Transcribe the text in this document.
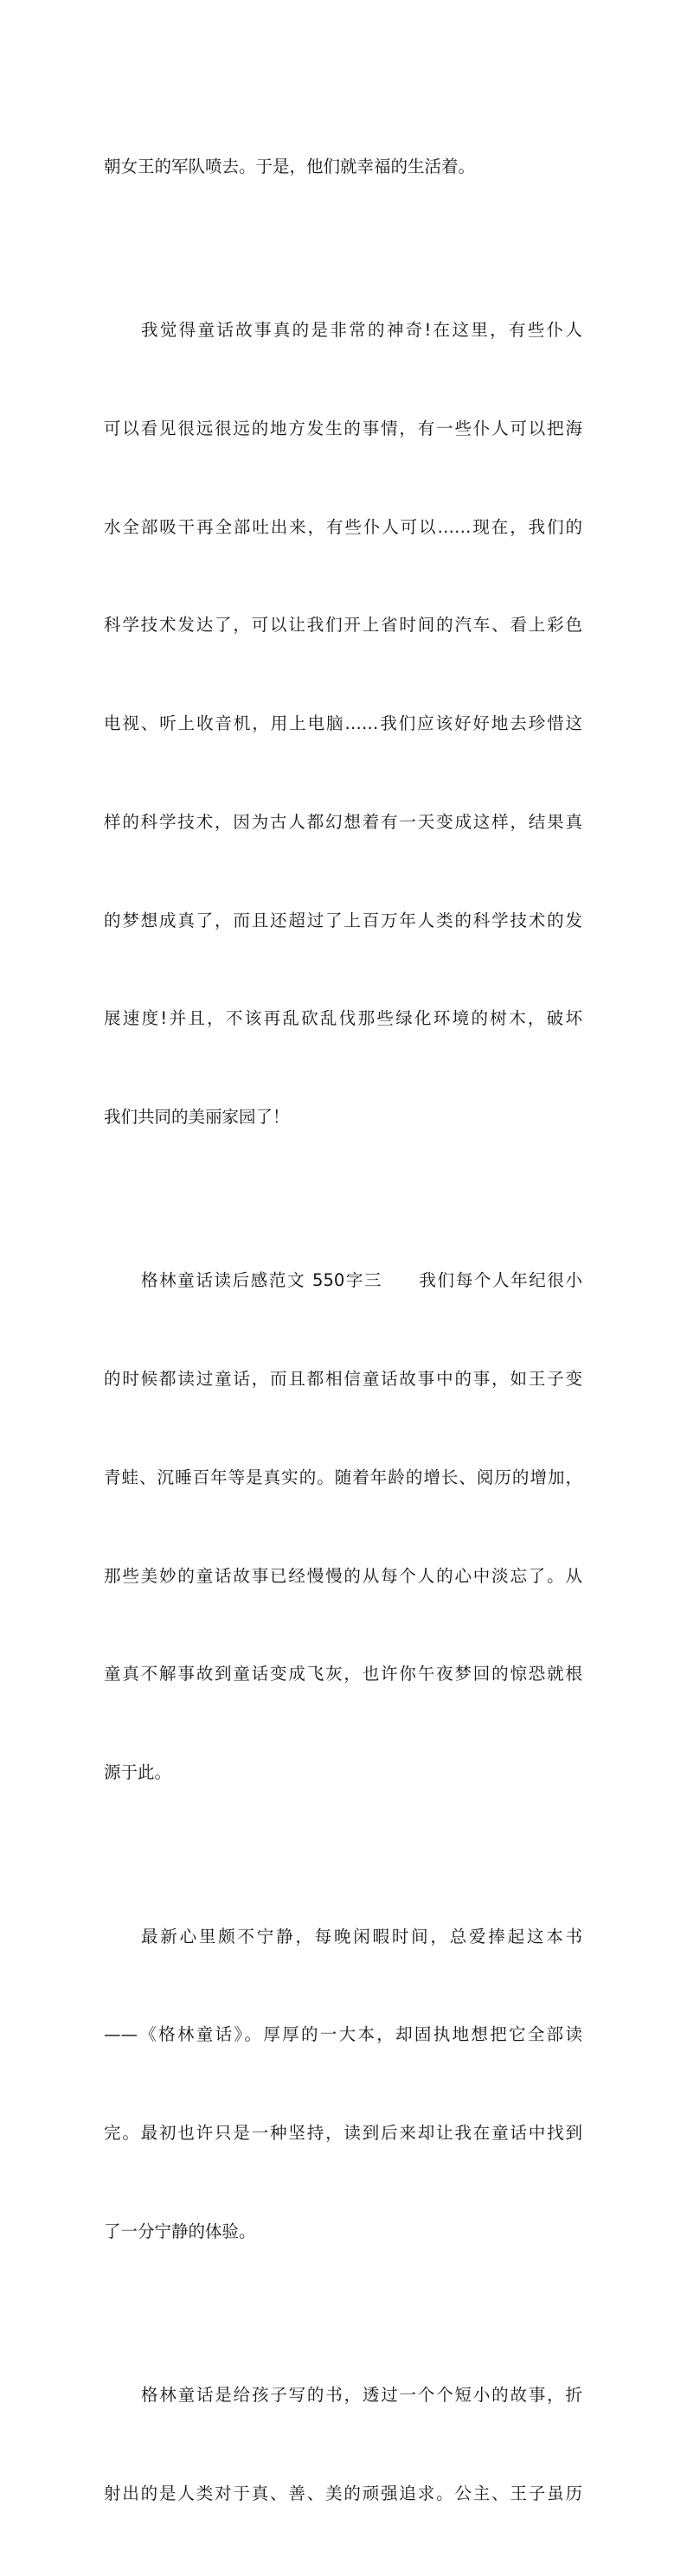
朝女王的军队喷去。于是，他们就幸福的生活着。

我觉得童话故事真的是非常的神奇!在这里，有些仆人

可以看见很远很远的地方发生的事情，有一些仆人可以把海

水全部吸干再全部吐出来，有些仆人可以……现在，我们的

科学技术发达了，可以让我们开上省时间的汽车、看上彩色

电视、听上收音机，用上电脑……我们应该好好地去珍惜这

样的科学技术，因为古人都幻想着有一天变成这样，结果真

的梦想成真了，而且还超过了上百万年人类的科学技术的发

展速度!并且，不该再乱砍乱伐那些绿化环境的树木，破坏

我们共同的美丽家园了！

格林童话读后感范文 550字三　　我们每个人年纪很小

的时候都读过童话，而且都相信童话故事中的事，如王子变

青蛙、沉睡百年等是真实的。随着年龄的增长、阅历的增加，

那些美妙的童话故事已经慢慢的从每个人的心中淡忘了。从

童真不解事故到童话变成飞灰，也许你午夜梦回的惊恐就根

源于此。

最新心里颇不宁静，每晚闲暇时间，总爱捧起这本书

——《格林童话》。厚厚的一大本，却固执地想把它全部读

完。最初也许只是一种坚持，读到后来却让我在童话中找到

了一分宁静的体验。

格林童话是给孩子写的书，透过一个个短小的故事，折

射出的是人类对于真、善、美的顽强追求。公主、王子虽历
